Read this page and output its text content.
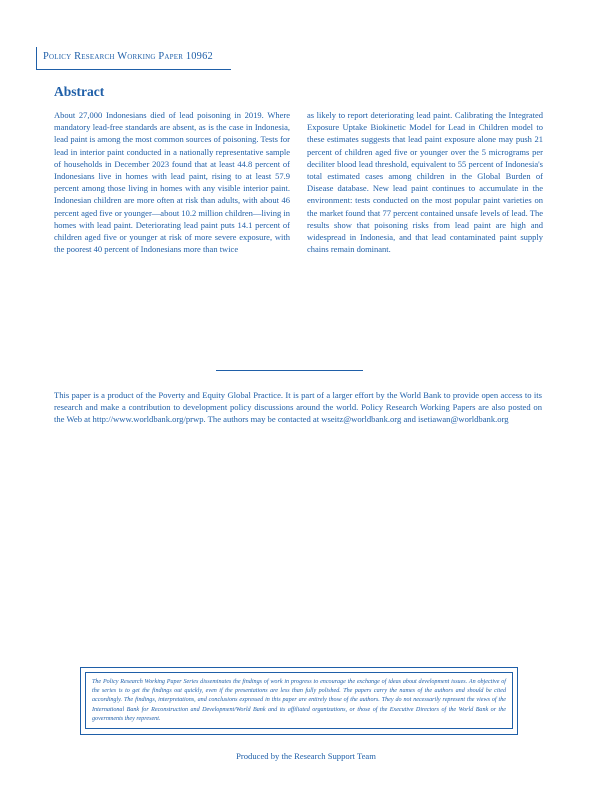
Policy Research Working Paper 10962
Abstract

About 27,000 Indonesians died of lead poisoning in 2019. Where mandatory lead-free standards are absent, as is the case in Indonesia, lead paint is among the most common sources of poisoning. Tests for lead in interior paint conducted in a nationally representative sample of households in December 2023 found that at least 44.8 percent of Indonesians live in homes with lead paint, rising to at least 57.9 percent among those living in homes with any visible interior paint. Indonesian children are more often at risk than adults, with about 46 percent aged five or younger—about 10.2 million children—living in homes with lead paint. Deteriorating lead paint puts 14.1 percent of children aged five or younger at risk of more severe exposure, with the poorest 40 percent of Indonesians more than twice

as likely to report deteriorating lead paint. Calibrating the Integrated Exposure Uptake Biokinetic Model for Lead in Children model to these estimates suggests that lead paint exposure alone may push 21 percent of children aged five or younger over the 5 micrograms per deciliter blood lead threshold, equivalent to 55 percent of Indonesia's total estimated cases among children in the Global Burden of Disease database. New lead paint continues to accumulate in the environment: tests conducted on the most popular paint varieties on the market found that 77 percent contained unsafe levels of lead. The results show that poisoning risks from lead paint are high and widespread in Indonesia, and that lead contaminated paint supply chains remain dominant.

This paper is a product of the Poverty and Equity Global Practice. It is part of a larger effort by the World Bank to provide open access to its research and make a contribution to development policy discussions around the world. Policy Research Working Papers are also posted on the Web at http://www.worldbank.org/prwp. The authors may be contacted at wseitz@worldbank.org and isetiawan@worldbank.org

The Policy Research Working Paper Series disseminates the findings of work in progress to encourage the exchange of ideas about development issues. An objective of the series is to get the findings out quickly, even if the presentations are less than fully polished. The papers carry the names of the authors and should be cited accordingly. The findings, interpretations, and conclusions expressed in this paper are entirely those of the authors. They do not necessarily represent the views of the International Bank for Reconstruction and Development/World Bank and its affiliated organizations, or those of the Executive Directors of the World Bank or the governments they represent.
Produced by the Research Support Team
